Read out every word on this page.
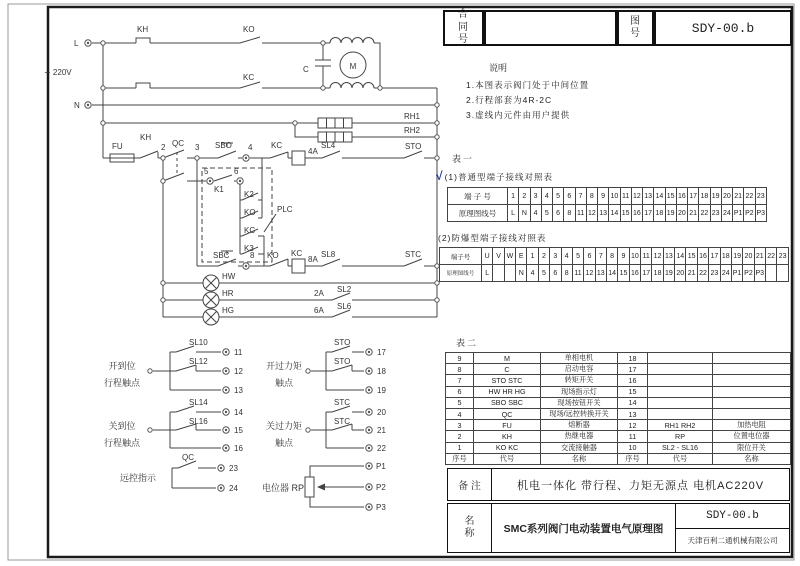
L
∽ 220V
N
KH	KO
KC
C	M
RH1
RH2
FU
KH
2 QC 3 SBO 4 KC
4A
SL4	STO
5	6
K1
K2
KO
KC
K3
PLC
SBC	8 KO KC
8A
SL8	STC
HW
HR
HG
2A SL2
6A SL6
开到位
行程触点
SL10
11
SL12
12
13
关到位
行程触点
SL14
14
SL16
15
16
开过力矩
触点
STO
17
STO
18
19
关过力矩
触点
STC
20
STC
21
22
QC
远控指示
23
24	电位器 RP
P1
P2
P3
合同号
图 号	SDY-00.b
说明
1.本图表示阀门处于中间位置
2.行程部套为4R-2C
3.虚线内元件由用户提供
表一
√(1)普通型端子接线对照表
端 子 号	1	2	3	4	5	6	7	8	9	10	11	12	13	14	15	16	17	18	19	20	21	22	23
原理图线号	L	N	4	5	6	8	11	12	13	14	15	16	17	18	19	20	21	22	23	24	P1	P2	P3
(2)防爆型端子接线对照表
端子号	U	V	W	E	1	2	3	4	5	6	7	8	9	10	11	12	13	14	15	16	17	18	19	20	21	22	23
原理图线号	L			N	4	5	6	8	11	12	13	14	15	16	17	18	19	20	21	22	23	24	P1	P2	P3		
表二
9	M	单相电机	18		
8	C	启动电容	17		
7	STO STC	转矩开关	16		
6	HW HR HG	现场指示灯	15		
5	SBO SBC	现场按钮开关	14		
4	QC	现场/远控转换开关	13		
3	FU	熔断器	12	RH1 RH2	加热电阻
2	KH	热继电器	11	RP	位置电位器
1	KO KC	交流接触器	10	SL2 - SL16	限位开关
序号	代号	名称	序号	代号	名称
备 注	机电一体化 带行程、力矩无源点 电机AC220V
名称	SMC系列阀门电动装置电气原理图
SDY-00.b
天津百利二通机械有限公司
